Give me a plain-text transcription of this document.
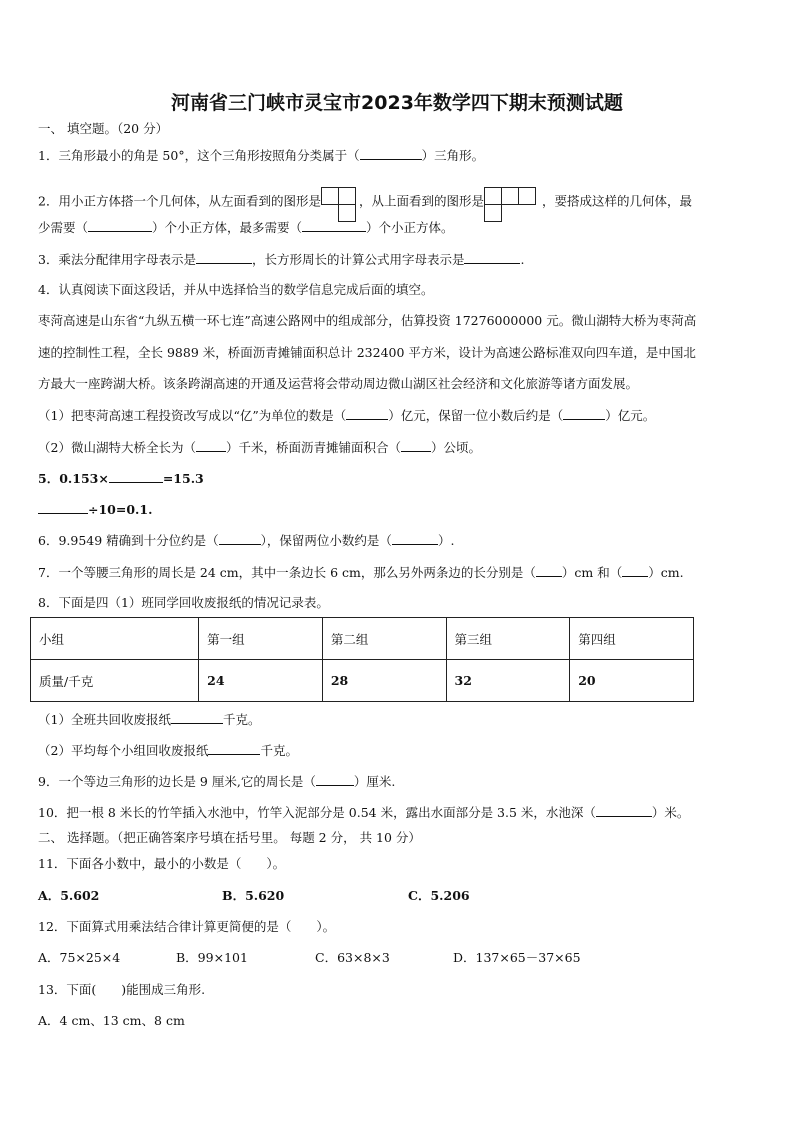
河南省三门峡市灵宝市2023年数学四下期末预测试题
一、 填空题。（20 分）
1．三角形最小的角是 50°，这个三角形按照角分类属于（	）三角形。
2．用小正方体搭一个几何体，从左面看到的图形是	，从上面看到的图形是	，要搭成这样的几何体，最
少需要（	）个小正方体，最多需要（	）个小正方体。
3．乘法分配律用字母表示是	，长方形周长的计算公式用字母表示是	.
4．认真阅读下面这段话，并从中选择恰当的数学信息完成后面的填空。
枣菏高速是山东省“九纵五横一环七连”高速公路网中的组成部分，估算投资 17276000000 元。微山湖特大桥为枣菏高
速的控制性工程，全长 9889 米，桥面沥青摊铺面积总计 232400 平方米，设计为高速公路标准双向四车道，是中国北
方最大一座跨湖大桥。该条跨湖高速的开通及运营将会带动周边微山湖区社会经济和文化旅游等诸方面发展。
（1）把枣菏高速工程投资改写成以“亿”为单位的数是（	）亿元，保留一位小数后约是（	）亿元。
（2）微山湖特大桥全长为（ ）千米，桥面沥青摊铺面积合（ ）公顷。
5．0.153×	=15.3
÷10=0.1.
6．9.9549 精确到十分位约是（	），保留两位小数约是（	）.
7．一个等腰三角形的周长是 24 cm，其中一条边长 6 cm，那么另外两条边的长分别是（ ）cm 和（ ）cm.
8．下面是四（1）班同学回收废报纸的情况记录表。
小组	第一组	第二组	第三组	第四组
质量/千克	24	28	32	20
（1）全班共回收废报纸	千克。
（2）平均每个小组回收废报纸	千克。
9．一个等边三角形的边长是 9 厘米,它的周长是（	）厘米.
10．把一根 8 米长的竹竿插入水池中，竹竿入泥部分是 0.54 米，露出水面部分是 3.5 米，水池深（	）米。
二、 选择题。（把正确答案序号填在括号里。 每题 2 分， 共 10 分）
11．下面各小数中，最小的小数是（　　）。
A．5.602	B．5.620	C．5.206
12．下面算式用乘法结合律计算更简便的是（　　）。
A．75×25×4	B．99×101	C．63×8×3	D．137×65－37×65
13．下面(　　)能围成三角形.
A．4 cm、13 cm、8 cm
